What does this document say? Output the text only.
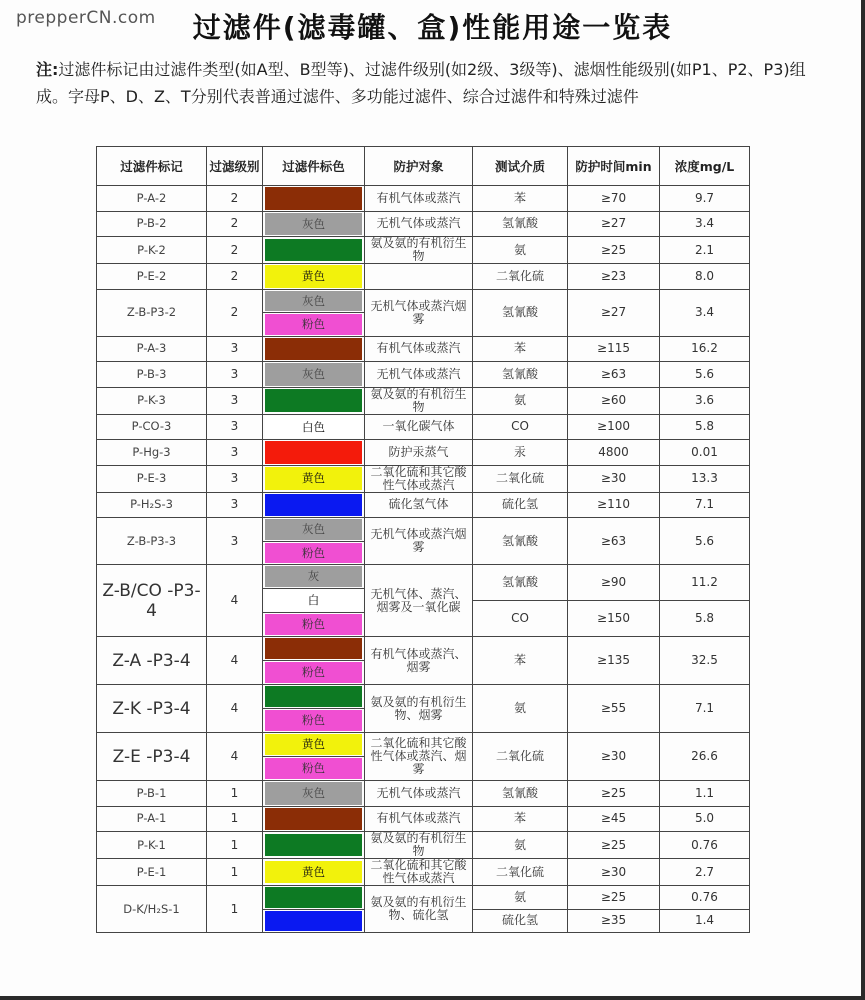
prepperCN.com	过滤件(滤毒罐、盒)性能用途一览表
注:过滤件标记由过滤件类型(如A型、B型等)、过滤件级别(如2级、3级等)、滤烟性能级别(如P1、P2、P3)组成。字母P、D、Z、T分别代表普通过滤件、多功能过滤件、综合过滤件和特殊过滤件
过滤件标记	过滤级别	过滤件标色	防护对象	测试介质	防护时间min	浓度mg/L
P-A-2	2		有机气体或蒸汽	苯	≥70	9.7
P-B-2	2	灰色	无机气体或蒸汽	氢氰酸	≥27	3.4
P-K-2	2		氨及氨的有机衍生物	氨	≥25	2.1
P-E-2	2	黄色		二氧化硫	≥23	8.0
Z-B-P3-2	2	灰色	无机气体或蒸汽烟雾	氢氰酸	≥27	3.4

		粉色				

P-A-3	3		有机气体或蒸汽	苯	≥115	16.2
P-B-3	3	灰色	无机气体或蒸汽	氢氰酸	≥63	5.6
P-K-3	3		氨及氨的有机衍生物	氨	≥60	3.6
P-CO-3	3	白色	一氧化碳气体	CO	≥100	5.8
P-Hg-3	3		防护汞蒸气	汞	4800	0.01
P-E-3	3	黄色	二氧化硫和其它酸性气体或蒸汽	二氧化硫	≥30	13.3
P-H₂S-3	3		硫化氢气体	硫化氢	≥110	7.1
Z-B-P3-3	3	灰色	无机气体或蒸汽烟雾	氢氰酸	≥63	5.6

		粉色				

Z-B/CO -P3-4	4	灰	无机气体、蒸汽、烟雾及一氧化碳	氢氰酸	≥90	11.2

		白				

				CO	≥150	5.8

		粉色				

Z-A -P3-4	4		有机气体或蒸汽、烟雾	苯	≥135	32.5

		粉色				

Z-K -P3-4	4		氨及氨的有机衍生物、烟雾	氨	≥55	7.1

		粉色				

Z-E -P3-4	4	黄色	二氧化硫和其它酸性气体或蒸汽、烟雾	二氧化硫	≥30	26.6

		粉色				

P-B-1	1	灰色	无机气体或蒸汽	氢氰酸	≥25	1.1
P-A-1	1		有机气体或蒸汽	苯	≥45	5.0
P-K-1	1		氨及氨的有机衍生物	氨	≥25	0.76
P-E-1	1	黄色	二氧化硫和其它酸性气体或蒸汽	二氧化硫	≥30	2.7
D-K/H₂S-1	1		氨及氨的有机衍生物、硫化氢	氨	≥25	0.76

				硫化氢	≥35	1.4
